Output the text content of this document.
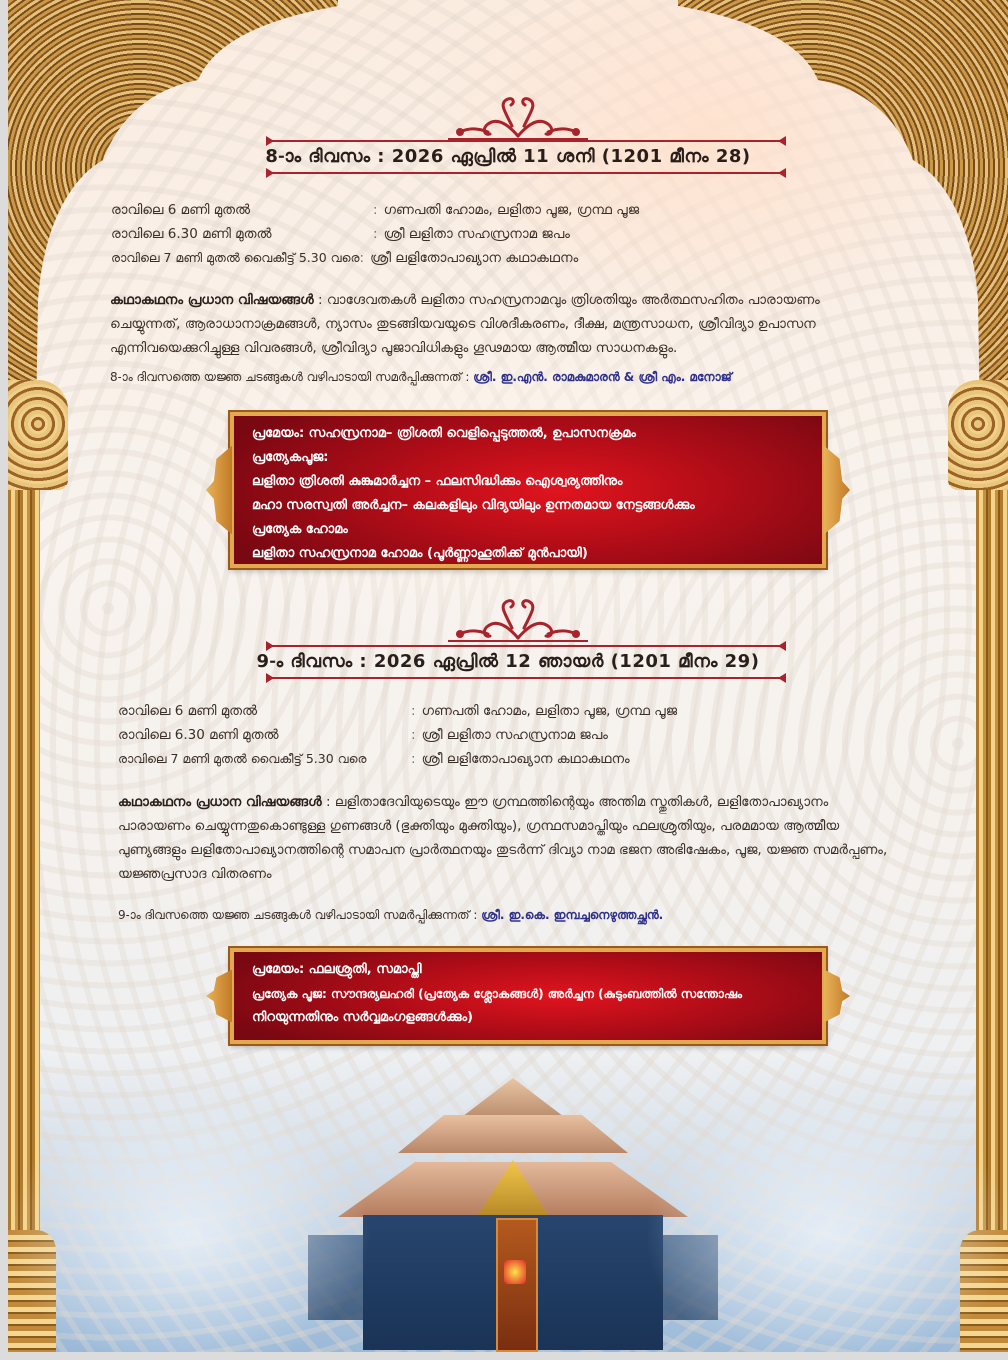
8-ാം ദിവസം : 2026 ഏപ്രിൽ 11 ശനി (1201 മീനം 28)
രാവിലെ 6 മണി മുതൽ	: ഗണപതി ഹോമം, ലളിതാ പൂജ, ഗ്രന്ഥ പൂജ
രാവിലെ 6.30 മണി മുതൽ	: ശ്രീ ലളിതാ സഹസ്രനാമ ജപം
രാവിലെ 7 മണി മുതൽ വൈകീട്ട് 5.30 വരെ : ശ്രീ ലളിതോപാഖ്യാന കഥാകഥനം
കഥാകഥനം പ്രധാന വിഷയങ്ങൾ : വാഗ്ദേവതകൾ ലളിതാ സഹസ്രനാമവും ത്രിശതിയും അർത്ഥസഹിതം പാരായണം ചെയ്യുന്നത്, ആരാധാനാക്രമങ്ങൾ, ന്യാസം തുടങ്ങിയവയുടെ വിശദീകരണം, ദീക്ഷ, മന്ത്രസാധന, ശ്രീവിദ്യാ ഉപാസന എന്നിവയെക്കുറിച്ചുള്ള വിവരങ്ങൾ, ശ്രീവിദ്യാ പൂജാവിധികളും ഗൂഢമായ ആത്മീയ സാധനകളും.
8-ാം ദിവസത്തെ യജ്ഞ ചടങ്ങുകൾ വഴിപാടായി സമർപ്പിക്കുന്നത് : ശ്രീ. ഇ.എൻ. രാമകുമാരൻ & ശ്രീ എം. മനോജ്
പ്രമേയം: സഹസ്രനാമ– ത്രിശതി വെളിപ്പെടുത്തൽ, ഉപാസനക്രമം
പ്രത്യേകപൂജ:
ലളിതാ ത്രിശതി കുങ്കുമാർച്ചന – ഫലസിദ്ധിക്കും ഐശ്വര്യത്തിനും
മഹാ സരസ്വതി അർച്ചന– കലകളിലും വിദ്യയിലും ഉന്നതമായ നേട്ടങ്ങൾക്കും
പ്രത്യേക ഹോമം
ലളിതാ സഹസ്രനാമ ഹോമം (പൂർണ്ണാഹൂതിക്ക് മുൻപായി)
9-ം ദിവസം : 2026 ഏപ്രിൽ 12 ഞായർ (1201 മീനം 29)
രാവിലെ 6 മണി മുതൽ	: ഗണപതി ഹോമം, ലളിതാ പൂജ, ഗ്രന്ഥ പൂജ
രാവിലെ 6.30 മണി മുതൽ	: ശ്രീ ലളിതാ സഹസ്രനാമ ജപം
രാവിലെ 7 മണി മുതൽ വൈകീട്ട് 5.30 വരെ	: ശ്രീ ലളിതോപാഖ്യാന കഥാകഥനം
കഥാകഥനം പ്രധാന വിഷയങ്ങൾ : ലളിതാദേവിയുടെയും ഈ ഗ്രന്ഥത്തിന്റെയും അന്തിമ സ്തുതികൾ, ലളിതോപാഖ്യാനം പാരായണം ചെയ്യുന്നതുകൊണ്ടുള്ള ഗുണങ്ങൾ (ഭുക്തിയും മുക്തിയും), ഗ്രന്ഥസമാപ്തിയും ഫലശ്രുതിയും, പരമമായ ആത്മീയ പുണ്യങ്ങളും ലളിതോപാഖ്യാനത്തിന്റെ സമാപന പ്രാർത്ഥനയും തുടർന്ന് ദിവ്യാ നാമ ഭജന അഭിഷേകം, പൂജ, യജ്ഞ സമർപ്പണം, യജ്ഞപ്രസാദ വിതരണം
9-ാം ദിവസത്തെ യജ്ഞ ചടങ്ങുകൾ വഴിപാടായി സമർപ്പിക്കുന്നത് : ശ്രീ. ഇ.കെ. ഇമ്പച്ചനെഴുത്തച്ഛൻ.
പ്രമേയം: ഫലശ്രുതി, സമാപ്തി
പ്രത്യേക പൂജ: സൗന്ദര്യലഹരി (പ്രത്യേക ശ്ലോകങ്ങൾ) അർച്ചന (കുടുംബത്തിൽ സന്തോഷം
നിറയുന്നതിനും സർവ്വമംഗളങ്ങൾക്കും)
